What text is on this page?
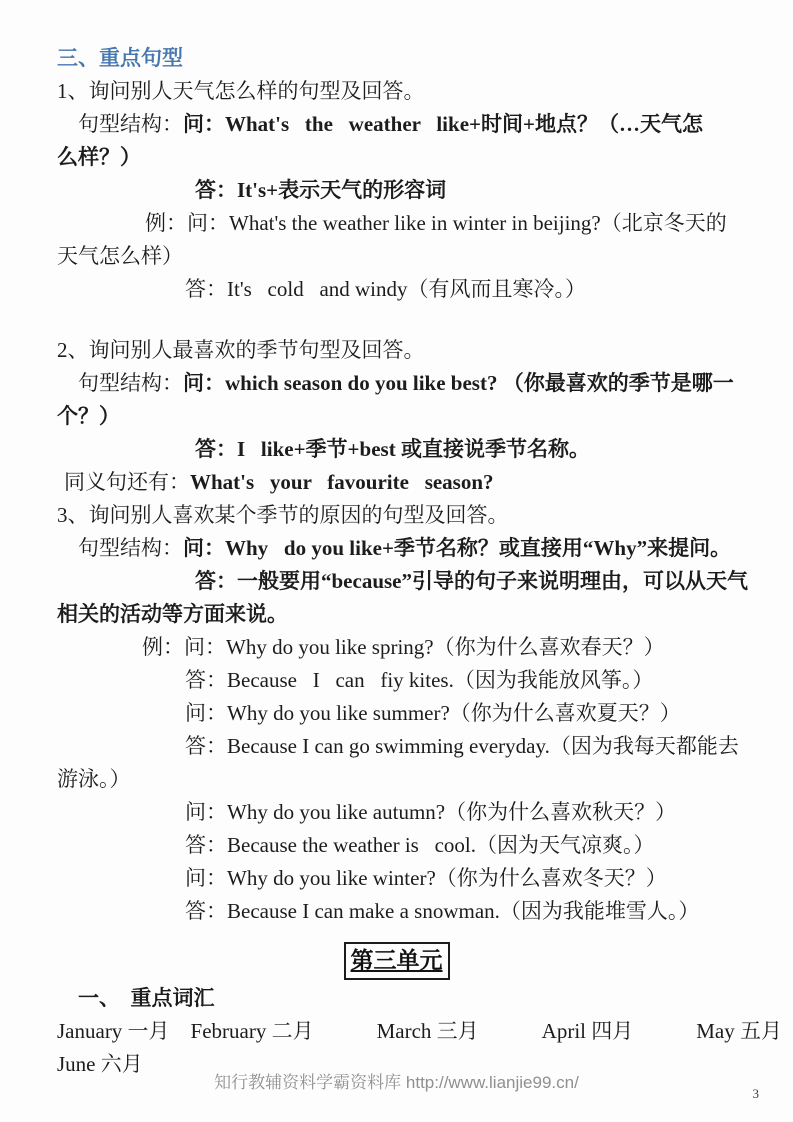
三、重点句型
1、询问别人天气怎么样的句型及回答。
句型结构：问：What's   the   weather   like+时间+地点？（…天气怎
么样？）
答：It's+表示天气的形容词
例：问：What's the weather like in winter in beijing?（北京冬天的
天气怎么样）
答：It's   cold   and windy（有风而且寒冷。）
2、询问别人最喜欢的季节句型及回答。
句型结构：问：which season do you like best? （你最喜欢的季节是哪一
个？）
答：I   like+季节+best 或直接说季节名称。
同义句还有：What's   your   favourite   season?
3、询问别人喜欢某个季节的原因的句型及回答。
句型结构：问：Why   do you like+季节名称？或直接用“Why”来提问。
答：一般要用“because”引导的句子来说明理由，可以从天气
相关的活动等方面来说。
例：问：Why do you like spring?（你为什么喜欢春天？）
答：Because   I   can   fiy kites.（因为我能放风筝。）
问：Why do you like summer?（你为什么喜欢夏天？）
答：Because I can go swimming everyday.（因为我每天都能去
游泳。）
问：Why do you like autumn?（你为什么喜欢秋天？）
答：Because the weather is   cool.（因为天气凉爽。）
问：Why do you like winter?（你为什么喜欢冬天？）
答：Because I can make a snowman.（因为我能堆雪人。）
第三单元
一、　重点词汇
January 一月　February 二月　　　March 三月　　　April 四月　　　May 五月
June 六月
知行教辅资料学霸资料库 http://www.lianjie99.cn/
3
